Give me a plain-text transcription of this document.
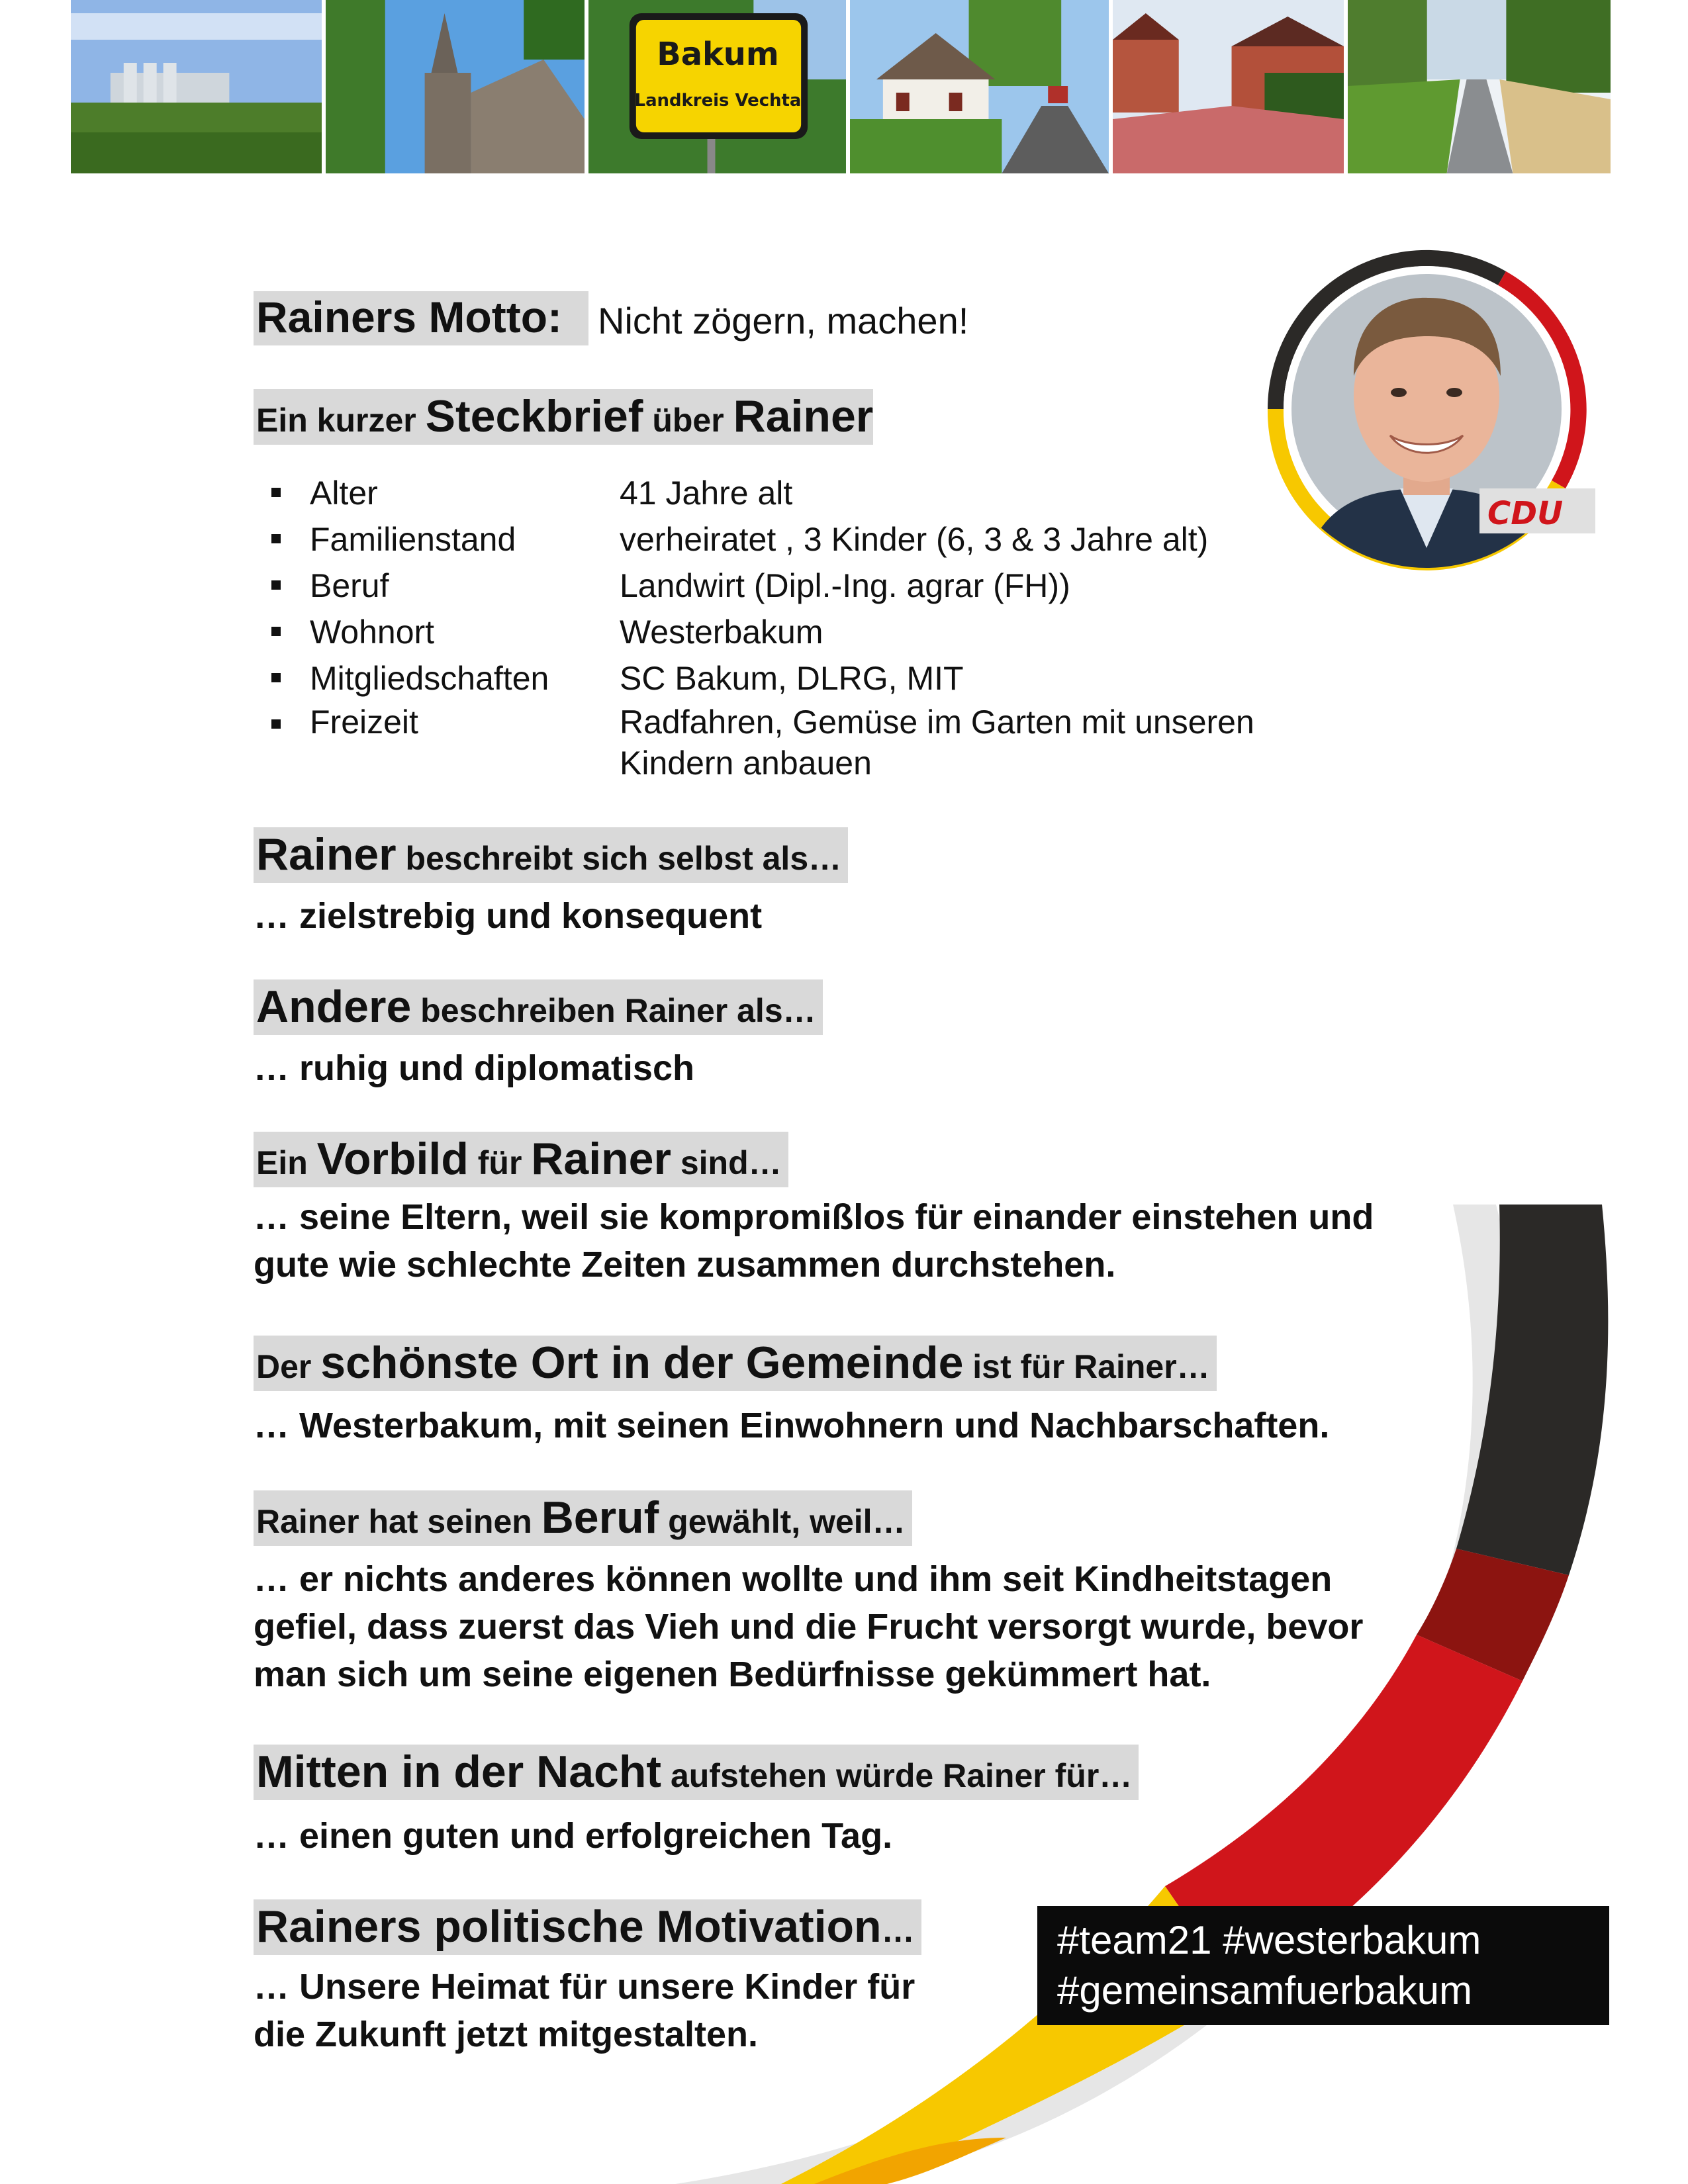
Bakum
Landkreis Vechta
CDU
Rainers Motto: Nicht zögern, machen!
Ein kurzer Steckbrief über Rainer
Alter	41 Jahre alt
Familienstand	verheiratet , 3 Kinder (6, 3 & 3 Jahre alt)
Beruf	Landwirt (Dipl.-Ing. agrar (FH))
Wohnort	Westerbakum
Mitgliedschaften SC Bakum, DLRG, MIT
Freizeit	Radfahren, Gemüse im Garten mit unseren
Kindern anbauen
Rainer beschreibt sich selbst als…
… zielstrebig und konsequent
Andere beschreiben Rainer als…
… ruhig und diplomatisch
Ein Vorbild für Rainer sind…
… seine Eltern, weil sie kompromißlos für einander einstehen und
gute wie schlechte Zeiten zusammen durchstehen.
Der schönste Ort in der Gemeinde ist für Rainer…
… Westerbakum, mit seinen Einwohnern und Nachbarschaften.
Rainer hat seinen Beruf gewählt, weil…
… er nichts anderes können wollte und ihm seit Kindheitstagen
gefiel, dass zuerst das Vieh und die Frucht versorgt wurde, bevor
man sich um seine eigenen Bedürfnisse gekümmert hat.
Mitten in der Nacht aufstehen würde Rainer für…
… einen guten und erfolgreichen Tag.
Rainers politische Motivation…
… Unsere Heimat für unsere Kinder für
die Zukunft jetzt mitgestalten.
#team21 #westerbakum
#gemeinsamfuerbakum
